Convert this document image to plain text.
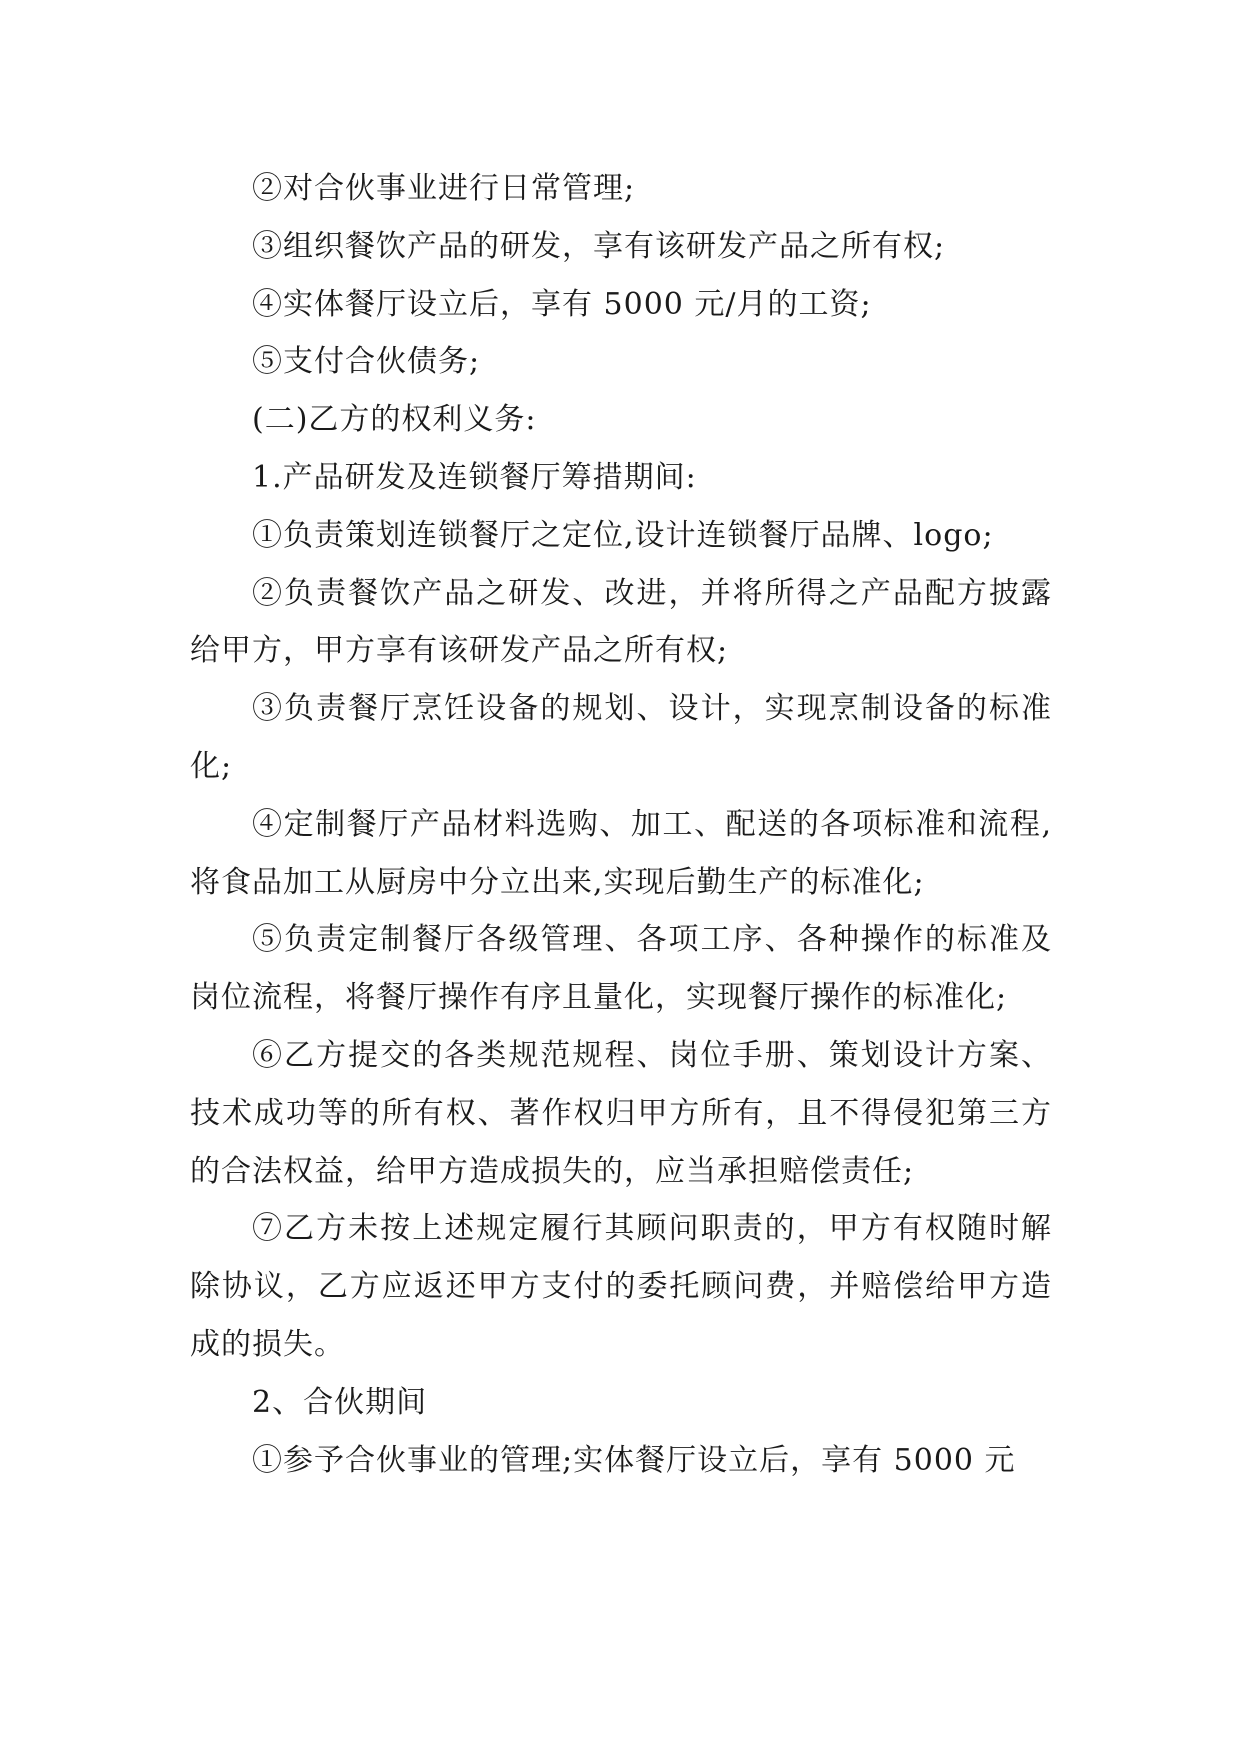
②对合伙事业进行日常管理;

③组织餐饮产品的研发，享有该研发产品之所有权;

④实体餐厅设立后，享有 5000 元/月的工资;

⑤支付合伙债务;

(二)乙方的权利义务:

1.产品研发及连锁餐厅筹措期间:

①负责策划连锁餐厅之定位,设计连锁餐厅品牌、logo;

②负责餐饮产品之研发、改进，并将所得之产品配方披露给甲方，甲方享有该研发产品之所有权;

③负责餐厅烹饪设备的规划、设计，实现烹制设备的标准化;

④定制餐厅产品材料选购、加工、配送的各项标准和流程,将食品加工从厨房中分立出来,实现后勤生产的标准化;

⑤负责定制餐厅各级管理、各项工序、各种操作的标准及岗位流程，将餐厅操作有序且量化，实现餐厅操作的标准化;

⑥乙方提交的各类规范规程、岗位手册、策划设计方案、技术成功等的所有权、著作权归甲方所有，且不得侵犯第三方的合法权益，给甲方造成损失的，应当承担赔偿责任;

⑦乙方未按上述规定履行其顾问职责的，甲方有权随时解除协议，乙方应返还甲方支付的委托顾问费，并赔偿给甲方造成的损失。

2、合伙期间

①参予合伙事业的管理;实体餐厅设立后，享有 5000 元
